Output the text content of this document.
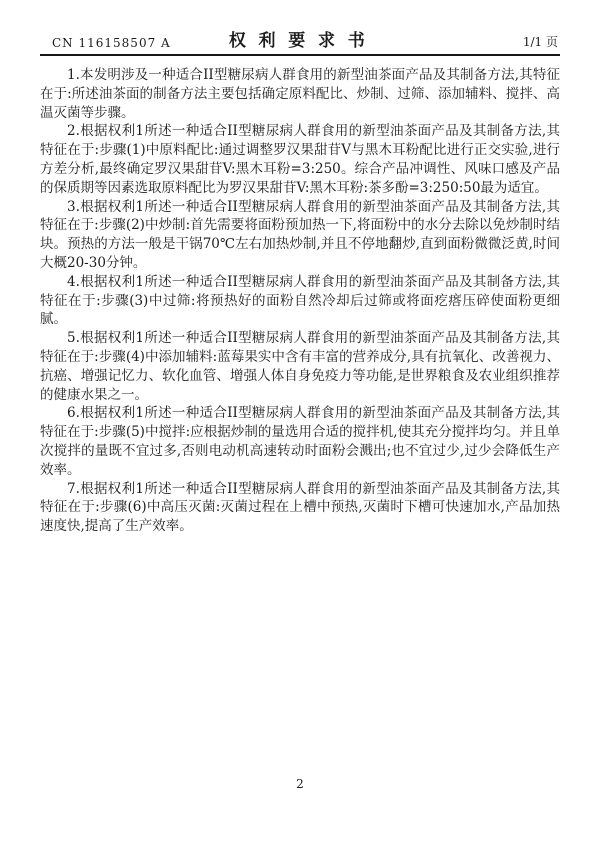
CN 116158507 A	权利要求书	1/1 页

1.本发明涉及一种适合II型糖尿病人群食用的新型油茶面产品及其制备方法,其特征在于:所述油茶面的制备方法主要包括确定原料配比、炒制、过筛、添加辅料、搅拌、高温灭菌等步骤。

2.根据权利1所述一种适合II型糖尿病人群食用的新型油茶面产品及其制备方法,其特征在于:步骤(1)中原料配比:通过调整罗汉果甜苷V与黑木耳粉配比进行正交实验,进行方差分析,最终确定罗汉果甜苷V:黑木耳粉=3:250。综合产品冲调性、风味口感及产品的保质期等因素选取原料配比为罗汉果甜苷V:黑木耳粉:茶多酚=3:250:50最为适宜。

3.根据权利1所述一种适合II型糖尿病人群食用的新型油茶面产品及其制备方法,其特征在于:步骤(2)中炒制:首先需要将面粉预加热一下,将面粉中的水分去除以免炒制时结块。预热的方法一般是干锅70℃左右加热炒制,并且不停地翻炒,直到面粉微微泛黄,时间大概20-30分钟。

4.根据权利1所述一种适合II型糖尿病人群食用的新型油茶面产品及其制备方法,其特征在于:步骤(3)中过筛:将预热好的面粉自然冷却后过筛或将面疙瘩压碎使面粉更细腻。

5.根据权利1所述一种适合II型糖尿病人群食用的新型油茶面产品及其制备方法,其特征在于:步骤(4)中添加辅料:蓝莓果实中含有丰富的营养成分,具有抗氧化、改善视力、抗癌、增强记忆力、软化血管、增强人体自身免疫力等功能,是世界粮食及农业组织推荐的健康水果之一。

6.根据权利1所述一种适合II型糖尿病人群食用的新型油茶面产品及其制备方法,其特征在于:步骤(5)中搅拌:应根据炒制的量选用合适的搅拌机,使其充分搅拌均匀。并且单次搅拌的量既不宜过多,否则电动机高速转动时面粉会溅出;也不宜过少,过少会降低生产效率。

7.根据权利1所述一种适合II型糖尿病人群食用的新型油茶面产品及其制备方法,其特征在于:步骤(6)中高压灭菌:灭菌过程在上槽中预热,灭菌时下槽可快速加水,产品加热速度快,提高了生产效率。

2
